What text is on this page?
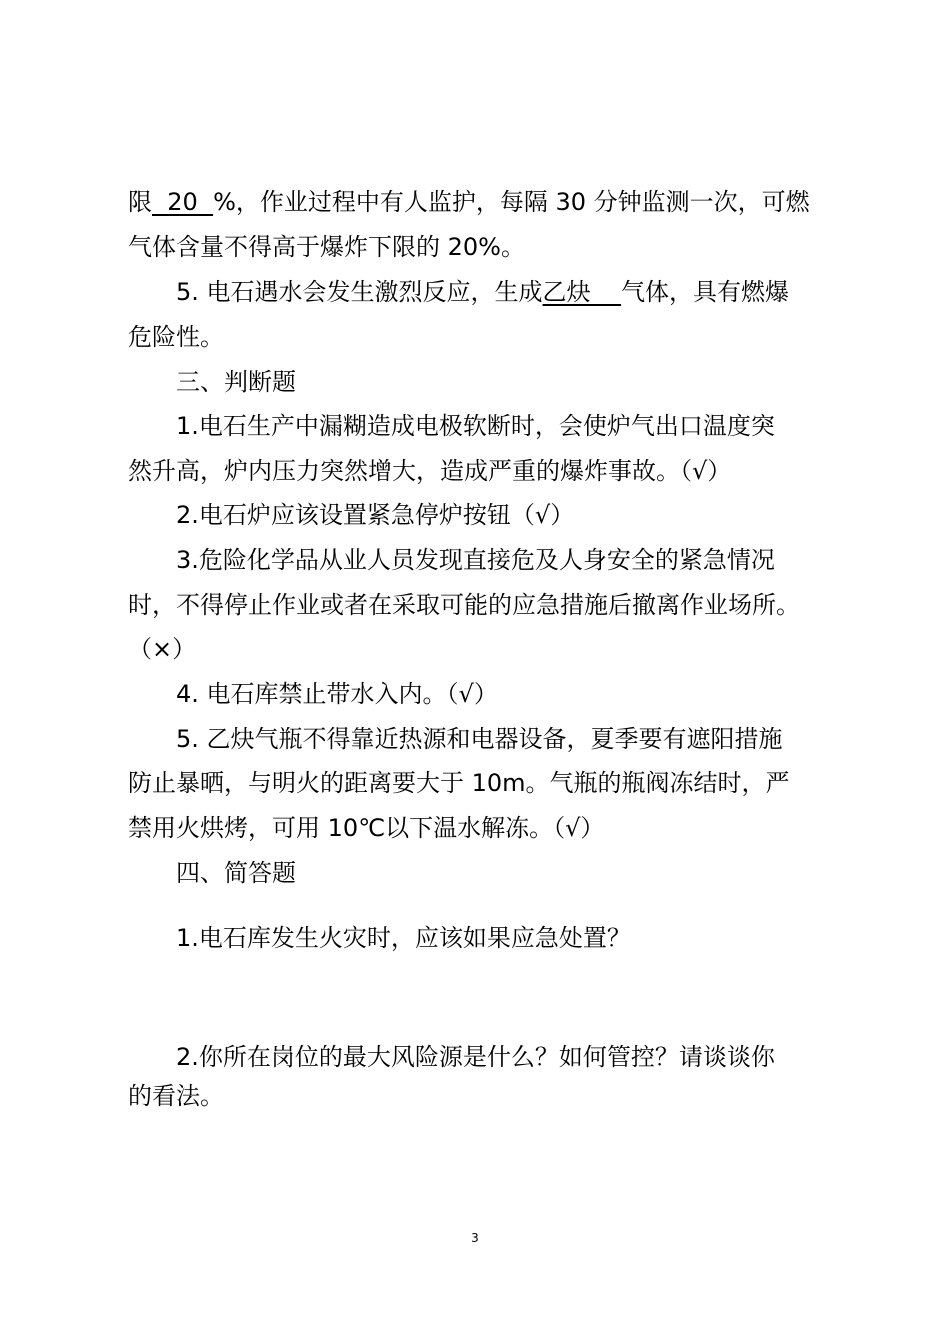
限  20  %，作业过程中有人监护，每隔 30 分钟监测一次，可燃
气体含量不得高于爆炸下限的 20%。
5. 电石遇水会发生激烈反应，生成乙炔    气体，具有燃爆
危险性。
三、判断题
1.电石生产中漏糊造成电极软断时，会使炉气出口温度突
然升高，炉内压力突然增大，造成严重的爆炸事故。（√）
2.电石炉应该设置紧急停炉按钮（√）
3.危险化学品从业人员发现直接危及人身安全的紧急情况
时，不得停止作业或者在采取可能的应急措施后撤离作业场所。
（×）
4. 电石库禁止带水入内。（√）
5. 乙炔气瓶不得靠近热源和电器设备，夏季要有遮阳措施
防止暴晒，与明火的距离要大于 10m。气瓶的瓶阀冻结时，严
禁用火烘烤，可用 10℃以下温水解冻。（√）
四、简答题
1.电石库发生火灾时，应该如果应急处置？
2.你所在岗位的最大风险源是什么？如何管控？请谈谈你
的看法。
3
